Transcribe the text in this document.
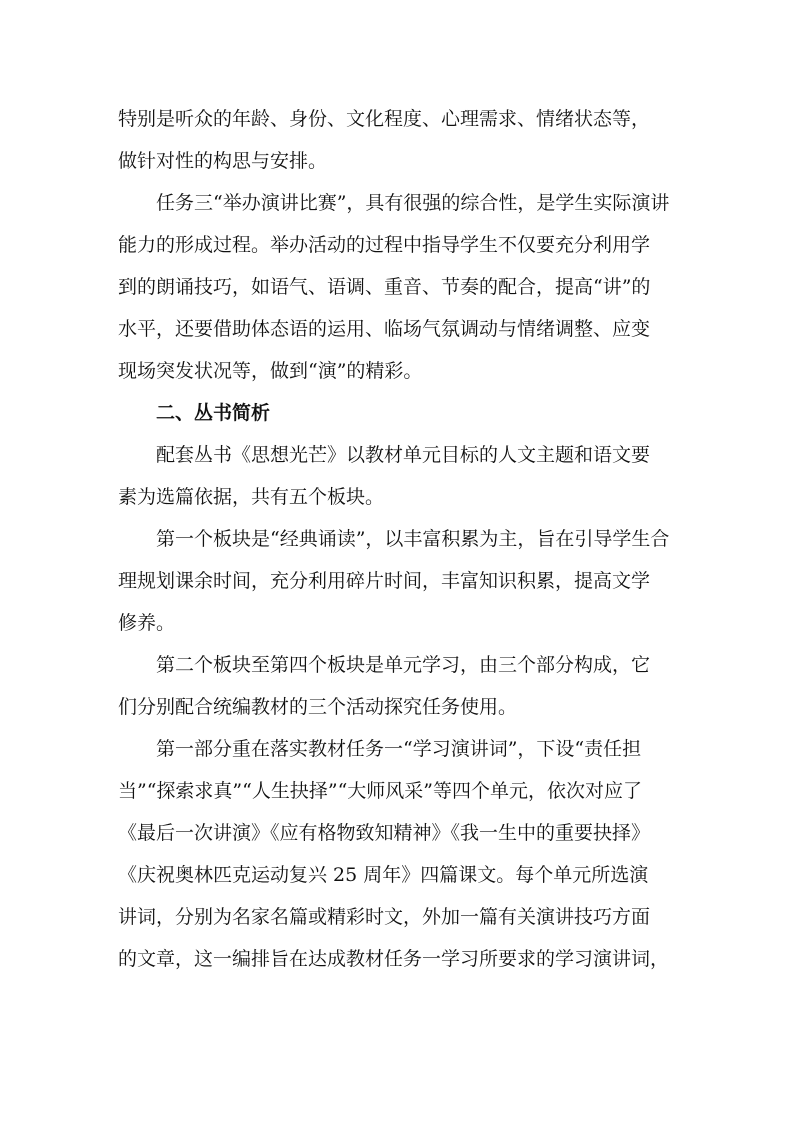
特别是听众的年龄、身份、文化程度、心理需求、情绪状态等，
做针对性的构思与安排。
任务三“举办演讲比赛”，具有很强的综合性，是学生实际演讲
能力的形成过程。举办活动的过程中指导学生不仅要充分利用学
到的朗诵技巧，如语气、语调、重音、节奏的配合，提高“讲”的
水平，还要借助体态语的运用、临场气氛调动与情绪调整、应变
现场突发状况等，做到“演”的精彩。
二、丛书简析
配套丛书《思想光芒》以教材单元目标的人文主题和语文要
素为选篇依据，共有五个板块。
第一个板块是“经典诵读”，以丰富积累为主，旨在引导学生合
理规划课余时间，充分利用碎片时间，丰富知识积累，提高文学
修养。
第二个板块至第四个板块是单元学习，由三个部分构成，它
们分别配合统编教材的三个活动探究任务使用。
第一部分重在落实教材任务一“学习演讲词”，下设“责任担
当”“探索求真”“人生抉择”“大师风采”等四个单元，依次对应了
《最后一次讲演》《应有格物致知精神》《我一生中的重要抉择》
《庆祝奥林匹克运动复兴 25 周年》四篇课文。每个单元所选演
讲词，分别为名家名篇或精彩时文，外加一篇有关演讲技巧方面
的文章，这一编排旨在达成教材任务一学习所要求的学习演讲词，
